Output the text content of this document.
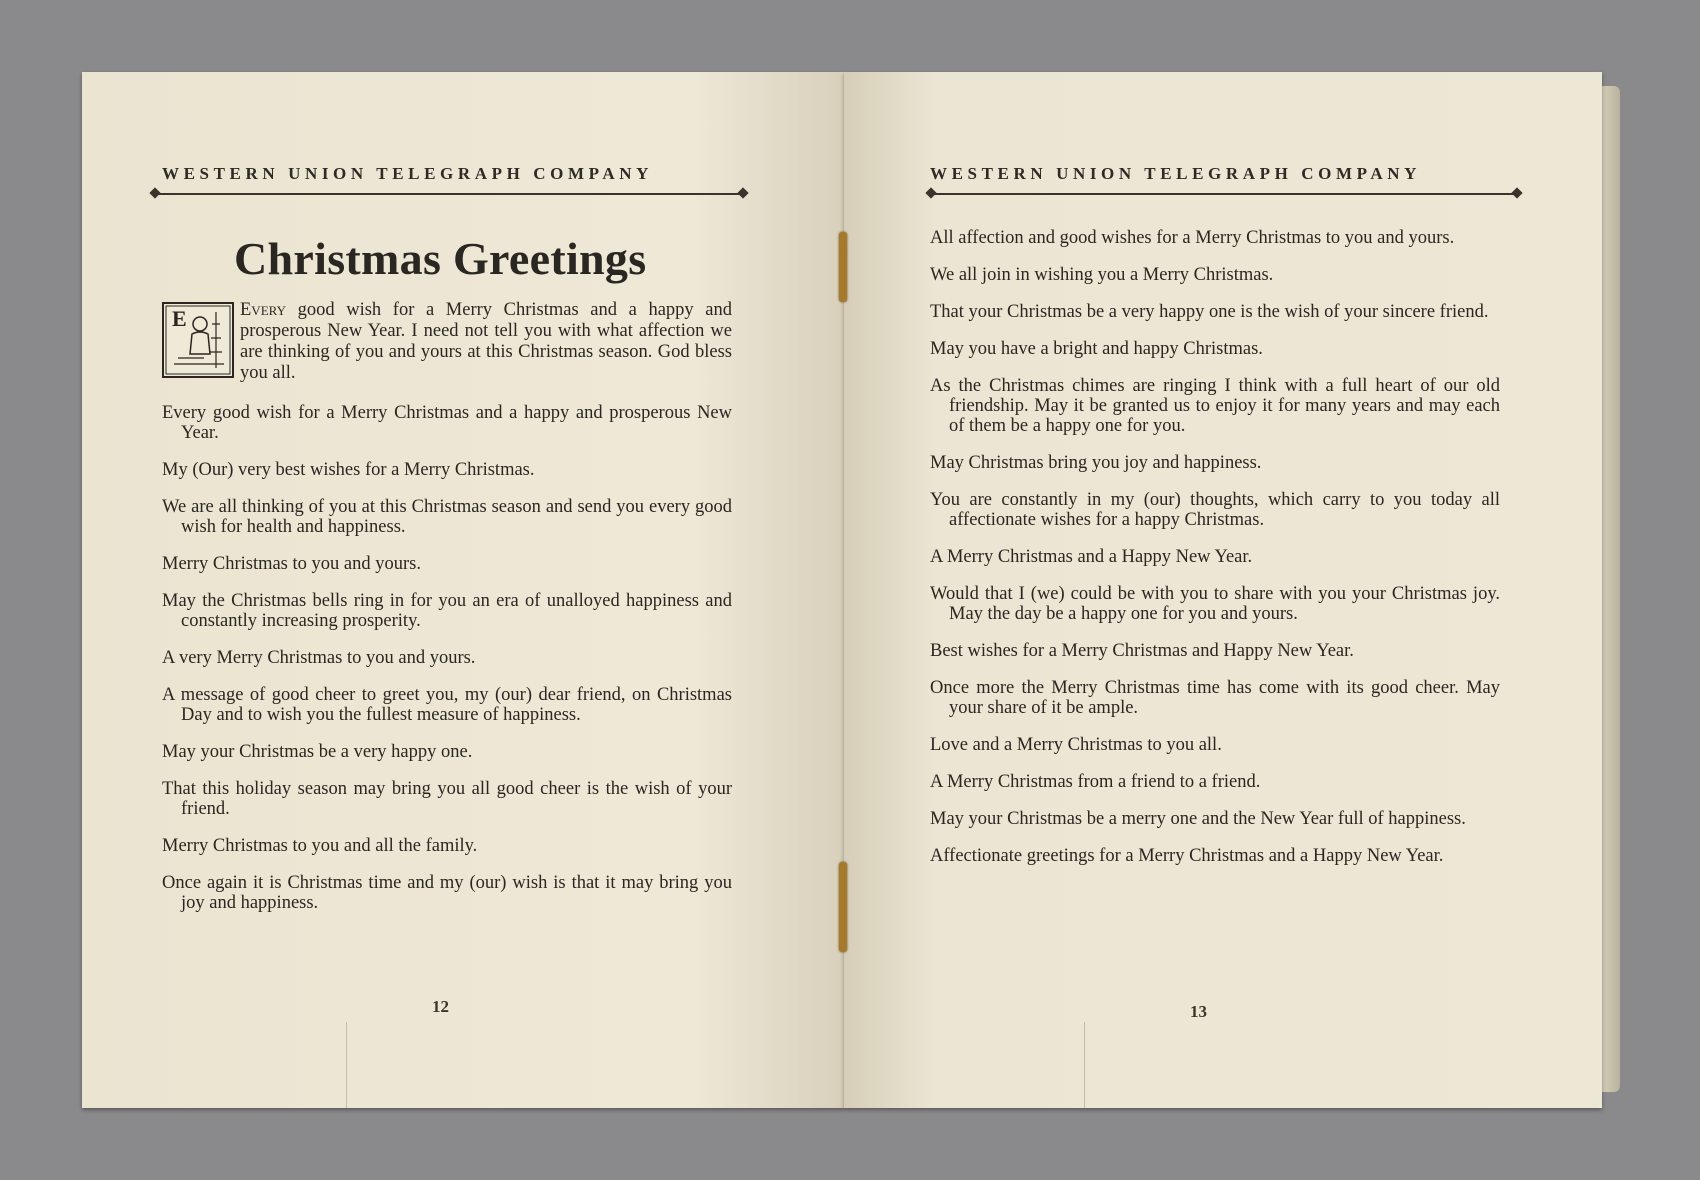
WESTERN UNION TELEGRAPH COMPANY
Christmas Greetings
E	Every good wish for a Merry Christmas and a happy and prosperous New Year. I need not tell you with what affection we are thinking of you and yours at this Christmas season. God bless you all.

Every good wish for a Merry Christmas and a happy and prosperous New Year.

My (Our) very best wishes for a Merry Christmas.

We are all thinking of you at this Christmas season and send you every good wish for health and happiness.

Merry Christmas to you and yours.

May the Christmas bells ring in for you an era of unalloyed happiness and constantly increasing prosperity.

A very Merry Christmas to you and yours.

A message of good cheer to greet you, my (our) dear friend, on Christmas Day and to wish you the fullest measure of happiness.

May your Christmas be a very happy one.

That this holiday season may bring you all good cheer is the wish of your friend.

Merry Christmas to you and all the family.

Once again it is Christmas time and my (our) wish is that it may bring you joy and happiness.

12
WESTERN UNION TELEGRAPH COMPANY

All affection and good wishes for a Merry Christmas to you and yours.

We all join in wishing you a Merry Christmas.

That your Christmas be a very happy one is the wish of your sincere friend.

May you have a bright and happy Christmas.

As the Christmas chimes are ringing I think with a full heart of our old friendship. May it be granted us to enjoy it for many years and may each of them be a happy one for you.

May Christmas bring you joy and happiness.

You are constantly in my (our) thoughts, which carry to you today all affectionate wishes for a happy Christmas.

A Merry Christmas and a Happy New Year.

Would that I (we) could be with you to share with you your Christmas joy. May the day be a happy one for you and yours.

Best wishes for a Merry Christmas and Happy New Year.

Once more the Merry Christmas time has come with its good cheer. May your share of it be ample.

Love and a Merry Christmas to you all.

A Merry Christmas from a friend to a friend.

May your Christmas be a merry one and the New Year full of happiness.

Affectionate greetings for a Merry Christmas and a Happy New Year.

13
